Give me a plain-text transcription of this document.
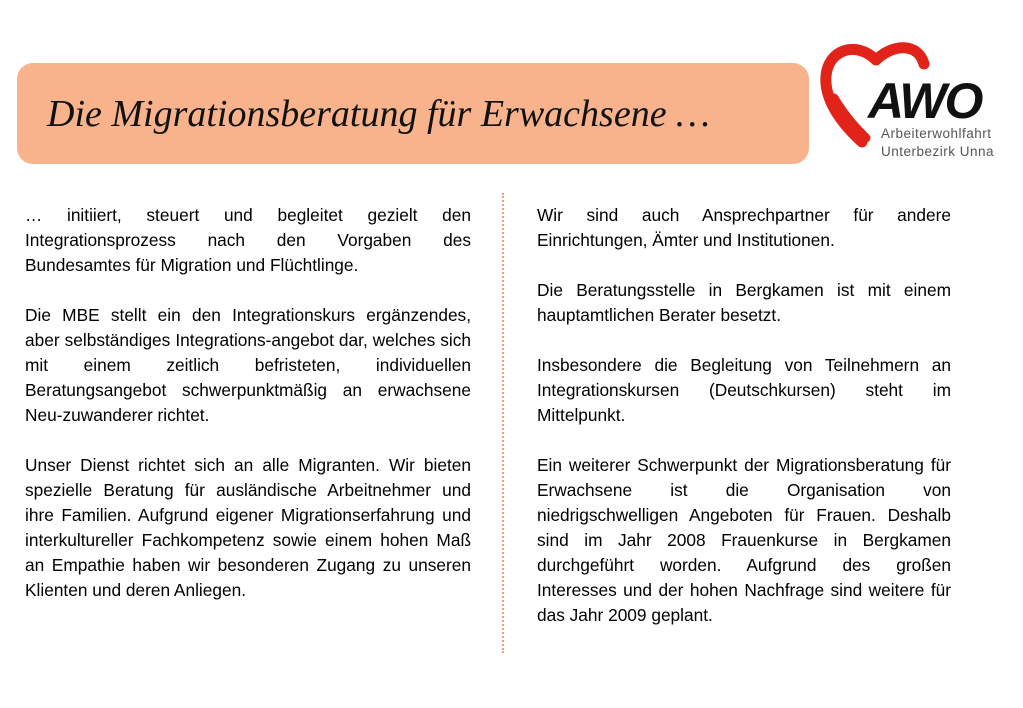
Die Migrationsberatung für Erwachsene …	AWO
Arbeiterwohlfahrt
Unterbezirk Unna

… initiiert, steuert und begleitet gezielt den Integrationsprozess nach den Vorgaben des Bundesamtes für Migration und Flüchtlinge.

Die MBE stellt ein den Integrationskurs ergänzendes, aber selbständiges Integrations-angebot dar, welches sich mit einem zeitlich befristeten, individuellen Beratungsangebot schwerpunktmäßig an erwachsene Neu-zuwanderer richtet.

Unser Dienst richtet sich an alle Migranten. Wir bieten spezielle Beratung für ausländische Arbeitnehmer und ihre Familien. Aufgrund eigener Migrationserfahrung und interkultureller Fachkompetenz sowie einem hohen Maß an Empathie haben wir besonderen Zugang zu unseren Klienten und deren Anliegen.

Wir sind auch Ansprechpartner für andere Einrichtungen, Ämter und Institutionen.

Die Beratungsstelle in Bergkamen ist mit einem hauptamtlichen Berater besetzt.

Insbesondere die Begleitung von Teilnehmern an Integrationskursen (Deutschkursen) steht im Mittelpunkt.

Ein weiterer Schwerpunkt der Migrationsberatung für Erwachsene ist die Organisation von niedrigschwelligen Angeboten für Frauen. Deshalb sind im Jahr 2008 Frauenkurse in Bergkamen durchgeführt worden. Aufgrund des großen Interesses und der hohen Nachfrage sind weitere für das Jahr 2009 geplant.
